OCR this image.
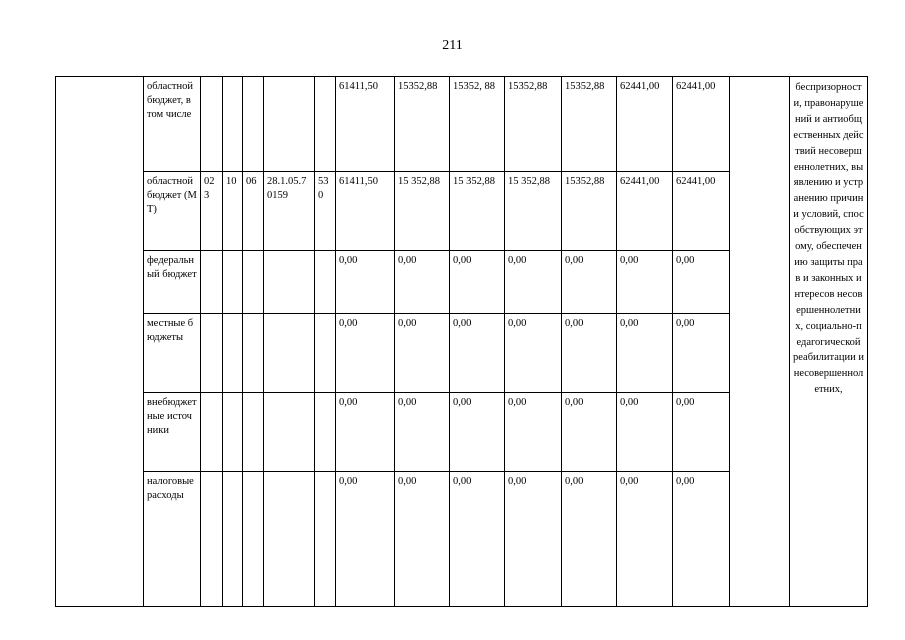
211
	областной бюджет, в том числе						61411,50	15352,88	15352, 88	15352,88	15352,88	62441,00	62441,00		беспризорности, правонарушений и антиобщественных действий несовершеннолетних, выявлению и устранению причин и условий, способствующих этому, обеспечению защиты прав и законных интересов несовершеннолетних, социально-педагогической реабилитации и несовершеннолетних,
	областной бюджет (МТ)	023	10	06	28.1.05.70159	530	61411,50	15 352,88	15 352,88	15 352,88	15352,88	62441,00	62441,00		
	федеральный бюджет						0,00	0,00	0,00	0,00	0,00	0,00	0,00		
	местные бюджеты						0,00	0,00	0,00	0,00	0,00	0,00	0,00		
	внебюджетные источники						0,00	0,00	0,00	0,00	0,00	0,00	0,00		
	налоговые расходы						0,00	0,00	0,00	0,00	0,00	0,00	0,00		
